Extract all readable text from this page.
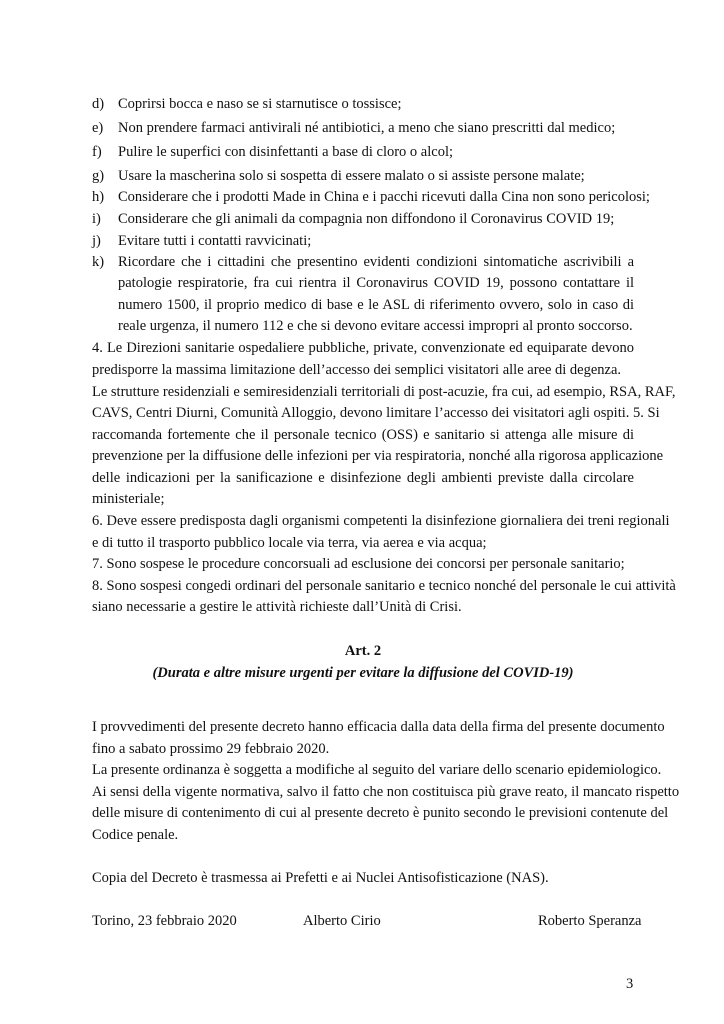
d) Coprirsi bocca e naso se si starnutisce o tossisce;
e) Non prendere farmaci antivirali né antibiotici, a meno che siano prescritti dal medico;
f) Pulire le superfici con disinfettanti a base di cloro o alcol;
g) Usare la mascherina solo si sospetta di essere malato o si assiste persone malate;
h) Considerare che i prodotti Made in China e i pacchi ricevuti dalla Cina non sono pericolosi;
i) Considerare che gli animali da compagnia non diffondono il Coronavirus COVID 19;
j) Evitare tutti i contatti ravvicinati;
k) Ricordare che i cittadini che presentino evidenti condizioni sintomatiche ascrivibili a
patologie respiratorie, fra cui rientra il Coronavirus COVID 19, possono contattare il
numero 1500, il proprio medico di base e le ASL di riferimento ovvero, solo in caso di
reale urgenza, il numero 112 e che si devono evitare accessi impropri al pronto soccorso.
4. Le Direzioni sanitarie ospedaliere pubbliche, private, convenzionate ed equiparate devono
predisporre la massima limitazione dell’accesso dei semplici visitatori alle aree di degenza.
Le strutture residenziali e semiresidenziali territoriali di post-acuzie, fra cui, ad esempio, RSA, RAF,
CAVS, Centri Diurni, Comunità Alloggio, devono limitare l’accesso dei visitatori agli ospiti. 5. Si
raccomanda fortemente che il personale tecnico (OSS) e sanitario si attenga alle misure di
prevenzione per la diffusione delle infezioni per via respiratoria, nonché alla rigorosa applicazione
delle indicazioni per la sanificazione e disinfezione degli ambienti previste dalla circolare
ministeriale;
6. Deve essere predisposta dagli organismi competenti la disinfezione giornaliera dei treni regionali
e di tutto il trasporto pubblico locale via terra, via aerea e via acqua;
7. Sono sospese le procedure concorsuali ad esclusione dei concorsi per personale sanitario;
8. Sono sospesi congedi ordinari del personale sanitario e tecnico nonché del personale le cui attività
siano necessarie a gestire le attività richieste dall’Unità di Crisi.
Art. 2
(Durata e altre misure urgenti per evitare la diffusione del COVID-19)
I provvedimenti del presente decreto hanno efficacia dalla data della firma del presente documento
fino a sabato prossimo 29 febbraio 2020.
La presente ordinanza è soggetta a modifiche al seguito del variare dello scenario epidemiologico.
Ai sensi della vigente normativa, salvo il fatto che non costituisca più grave reato, il mancato rispetto
delle misure di contenimento di cui al presente decreto è punito secondo le previsioni contenute del
Codice penale.
Copia del Decreto è trasmessa ai Prefetti e ai Nuclei Antisofisticazione (NAS).
Torino, 23 febbraio 2020	Alberto Cirio	Roberto Speranza
3
